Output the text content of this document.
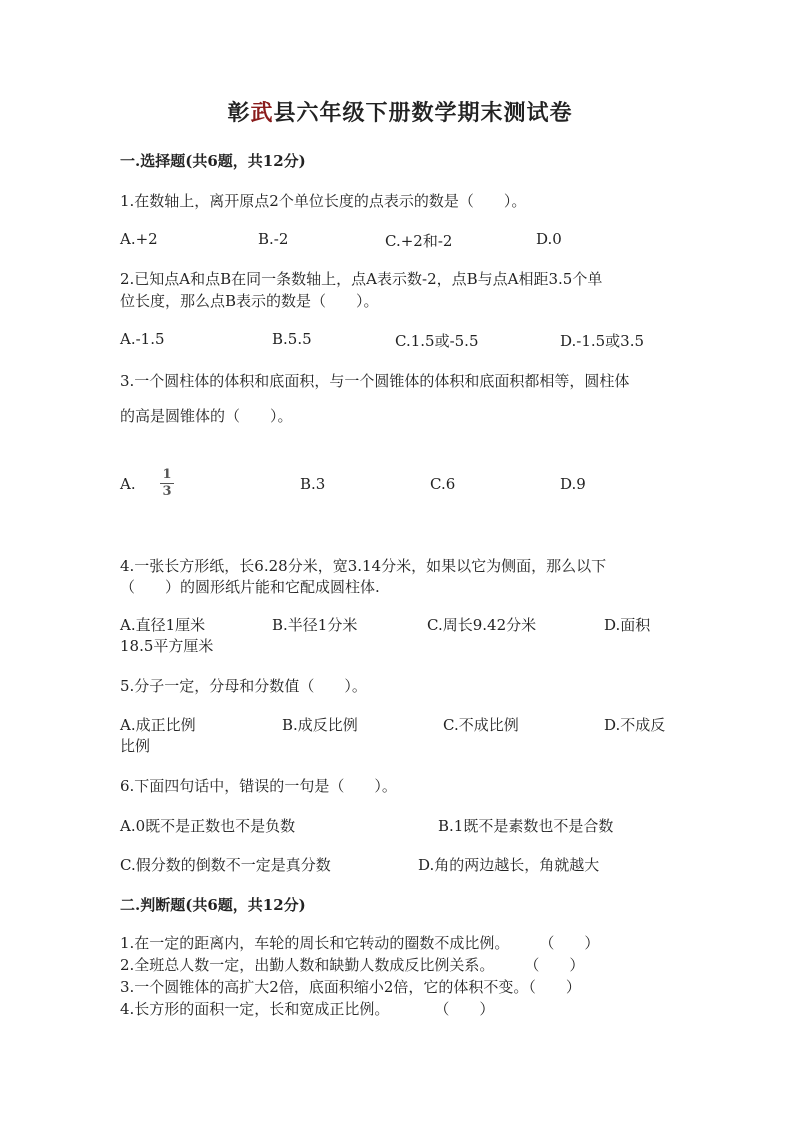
彰武县六年级下册数学期末测试卷
一.选择题(共6题，共12分)
1.在数轴上，离开原点2个单位长度的点表示的数是（　　）。
A.+2	B.-2	C.+2和-2	D.0
2.已知点A和点B在同一条数轴上，点A表示数-2，点B与点A相距3.5个单
位长度，那么点B表示的数是（　　）。
A.-1.5	B.5.5	C.1.5或-5.5	D.-1.5或3.5
3.一个圆柱体的体积和底面积，与一个圆锥体的体积和底面积都相等，圆柱体
的高是圆锥体的（　　）。
A.
1
3	B.3	C.6	D.9
4.一张长方形纸，长6.28分米，宽3.14分米，如果以它为侧面，那么以下
（　　）的圆形纸片能和它配成圆柱体.
A.直径1厘米	B.半径1分米	C.周长9.42分米	D.面积
18.5平方厘米
5.分子一定，分母和分数值（　　）。
A.成正比例	B.成反比例	C.不成比例	D.不成反
比例
6.下面四句话中，错误的一句是（　　）。
A.0既不是正数也不是负数	B.1既不是素数也不是合数
C.假分数的倒数不一定是真分数	D.角的两边越长，角就越大
二.判断题(共6题，共12分)
1.在一定的距离内，车轮的周长和它转动的圈数不成比例。　　　（　　）
2.全班总人数一定，出勤人数和缺勤人数成反比例关系。　　　（　　）
3.一个圆锥体的高扩大2倍，底面积缩小2倍，它的体积不变。（　　）
4.长方形的面积一定，长和宽成正比例。　　　　（　　）
